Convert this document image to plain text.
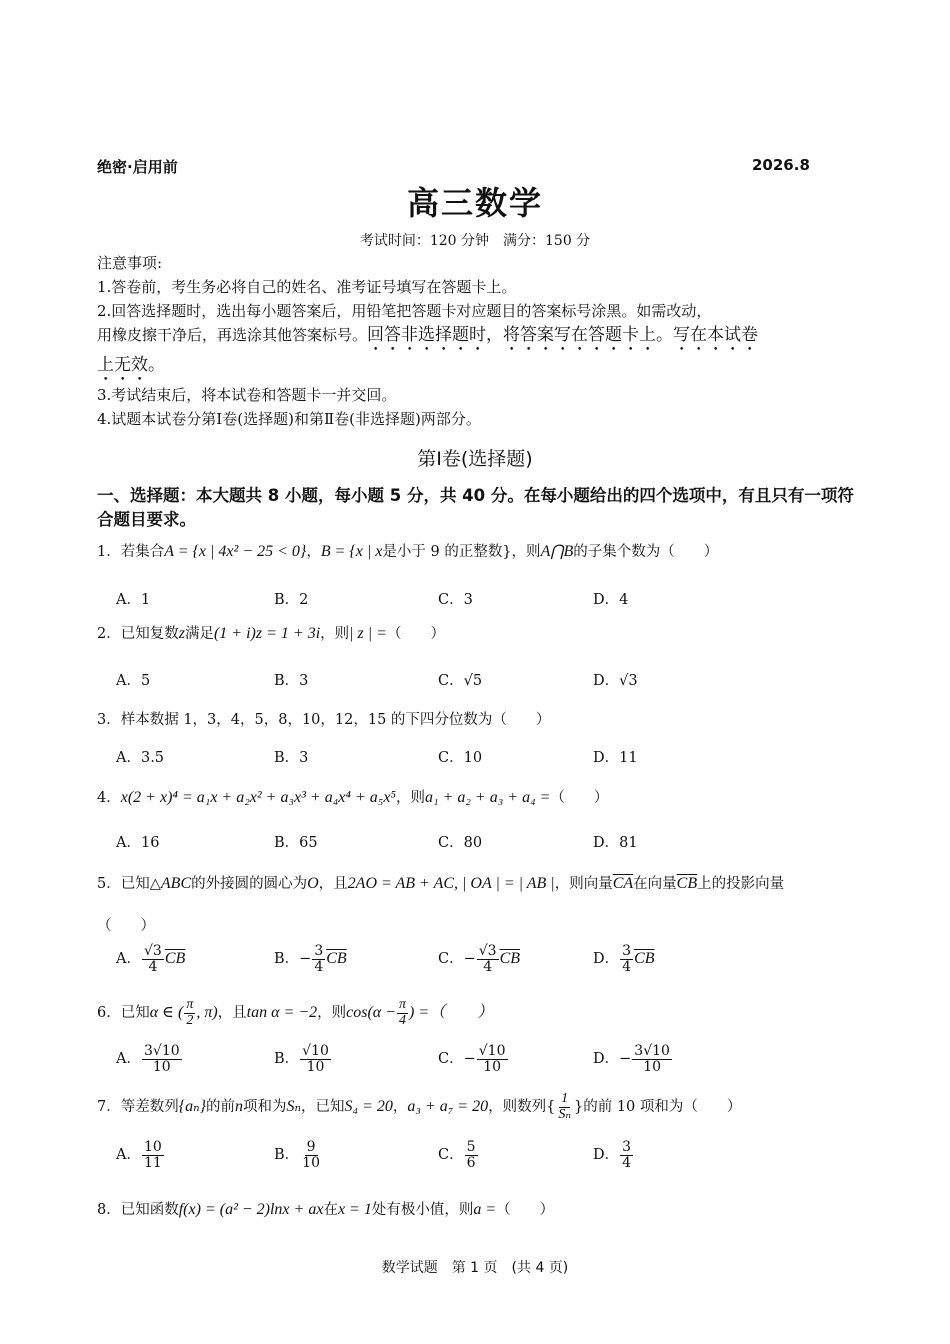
绝密·启用前	2026.8
高三数学
考试时间：120 分钟　满分：150 分
注意事项:
1.答卷前，考生务必将自己的姓名、准考证号填写在答题卡上。
2.回答选择题时，选出每小题答案后，用铅笔把答题卡对应题目的答案标号涂黑。如需改动，
用橡皮擦干净后，再选涂其他答案标号。回答非选择题时，将答案写在答题卡上。写在本试卷
上无效。
3.考试结束后，将本试卷和答题卡一并交回。
4.试题本试卷分第Ⅰ卷(选择题)和第Ⅱ卷(非选择题)两部分。
第Ⅰ卷(选择题)
一、选择题：本大题共 8 小题，每小题 5 分，共 40 分。在每小题给出的四个选项中，有且只有一项符合题目要求。
1．若集合A = {x | 4x² − 25 < 0}，B = {x | x是小于 9 的正整数}，则A⋂B的子集个数为（　　）
A．1	B．2	C．3	D．4
2．已知复数z满足(1 + i)z = 1 + 3i，则| z | =（　　）
A．5	B．3	C．√5	D．√3
3．样本数据 1，3，4，5，8，10，12，15 的下四分位数为（　　）
A．3.5	B．3	C．10	D．11
4．x(2 + x)⁴ = a₁x + a₂x² + a₃x³ + a₄x⁴ + a₅x⁵，则a₁ + a₂ + a₃ + a₄ =（　　）
A．16	B．65	C．80	D．81
5．已知△ABC的外接圆的圆心为O，且2AO = AB + AC, | OA | = | AB |，则向量$\overline{CA}$在向量$\overline{CB}$上的投影向量
（　　）
A． $\frac{√3}{4} \overline{CB}$	B．− $\frac{3}{4} \overline{CB}$	C．− $\frac{√3}{4} \overline{CB}$	D． $\frac{3}{4} \overline{CB}$
6．已知α ∈ ( $\frac{\pi}{2}$ , π)，且tan α = −2，则$\cos(\alpha - \frac{\pi}{4}$ ) =（　　）
A． $\frac{3√10}{10}$	B． $\frac{√10}{10}$	C．− $\frac{√10}{10}$	D．− $\frac{3√10}{10}$
7．等差数列{aₙ}的前n项和为Sₙ，已知S₄ = 20，a₃ + a₇ = 20，则数列{ $\frac{1}{\text{Sₙ}}$ }的前 10 项和为（　　）
A． $\frac{10}{11}$	B． $\frac{9}{10}$	C． $\frac{5}{6}$	D． $\frac{3}{4}$
8．已知函数f(x) = (a² − 2)lnx + ax在x = 1处有极小值，则a =（　　）
数学试题　第 1 页　(共 4 页)
